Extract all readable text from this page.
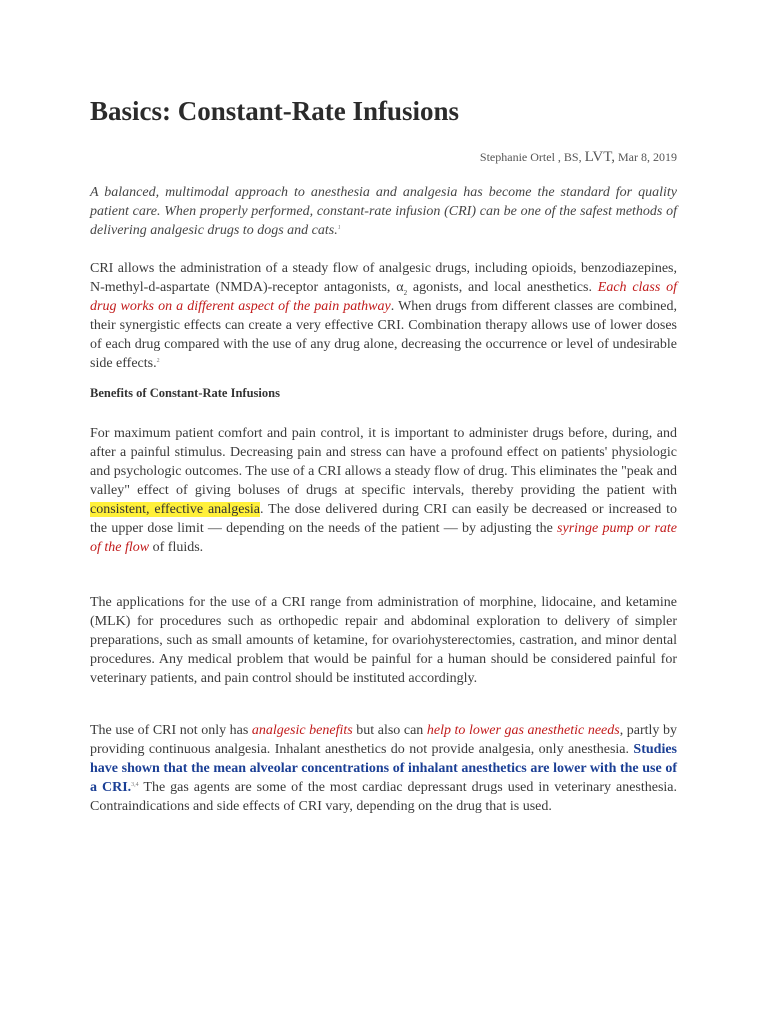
Basics: Constant-Rate Infusions
Stephanie Ortel , BS, LVT, Mar 8, 2019

A balanced, multimodal approach to anesthesia and analgesia has become the standard for quality patient care. When properly performed, constant-rate infusion (CRI) can be one of the safest methods of delivering analgesic drugs to dogs and cats.$^1$

CRI allows the administration of a steady flow of analgesic drugs, including opioids, benzodiazepines, N-methyl-d-aspartate (NMDA)-receptor antagonists, $\alpha_2$ agonists, and local anesthetics. Each class of drug works on a different aspect of the pain pathway. When drugs from different classes are combined, their synergistic effects can create a very effective CRI. Combination therapy allows use of lower doses of each drug compared with the use of any drug alone, decreasing the occurrence or level of undesirable side effects.$^2$

Benefits of Constant-Rate Infusions

For maximum patient comfort and pain control, it is important to administer drugs before, during, and after a painful stimulus. Decreasing pain and stress can have a profound effect on patients' physiologic and psychologic outcomes. The use of a CRI allows a steady flow of drug. This eliminates the "peak and valley" effect of giving boluses of drugs at specific intervals, thereby providing the patient with consistent, effective analgesia. The dose delivered during CRI can easily be decreased or increased to the upper dose limit — depending on the needs of the patient — by adjusting the syringe pump or rate of the flow of fluids.

The applications for the use of a CRI range from administration of morphine, lidocaine, and ketamine (MLK) for procedures such as orthopedic repair and abdominal exploration to delivery of simpler preparations, such as small amounts of ketamine, for ovariohysterectomies, castration, and minor dental procedures. Any medical problem that would be painful for a human should be considered painful for veterinary patients, and pain control should be instituted accordingly.

The use of CRI not only has analgesic benefits but also can help to lower gas anesthetic needs, partly by providing continuous analgesia. Inhalant anesthetics do not provide analgesia, only anesthesia. Studies have shown that the mean alveolar concentrations of inhalant anesthetics are lower with the use of a CRI.$^{3,4}$ The gas agents are some of the most cardiac depressant drugs used in veterinary anesthesia. Contraindications and side effects of CRI vary, depending on the drug that is used.
